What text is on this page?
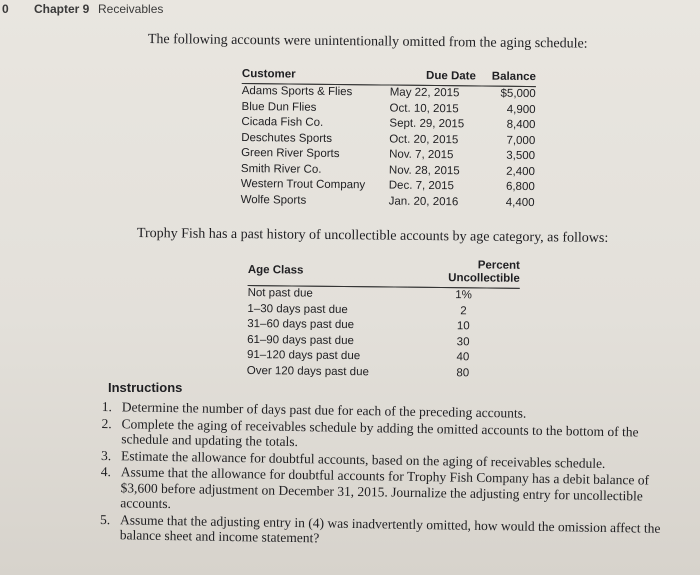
0 Chapter 9 Receivables
The following accounts were unintentionally omitted from the aging schedule:
Customer	Due Date	Balance
Adams Sports & Flies	May 22, 2015	$5,000
Blue Dun Flies	Oct. 10, 2015	4,900
Cicada Fish Co.	Sept. 29, 2015	8,400
Deschutes Sports	Oct. 20, 2015	7,000
Green River Sports	Nov. 7, 2015	3,500
Smith River Co.	Nov. 28, 2015	2,400
Western Trout Company	Dec. 7, 2015	6,800
Wolfe Sports	Jan. 20, 2016	4,400
Trophy Fish has a past history of uncollectible accounts by age category, as follows:
Age Class	Percent Uncollectible
Not past due	1%
1–30 days past due	2
31–60 days past due	10
61–90 days past due	30
91–120 days past due	40
Over 120 days past due	80
Instructions
1. Determine the number of days past due for each of the preceding accounts.
2. Complete the aging of receivables schedule by adding the omitted accounts to the bottom of the schedule and updating the totals.
3. Estimate the allowance for doubtful accounts, based on the aging of receivables schedule.
4. Assume that the allowance for doubtful accounts for Trophy Fish Company has a debit balance of $3,600 before adjustment on December 31, 2015. Journalize the adjusting entry for uncollectible accounts.
5. Assume that the adjusting entry in (4) was inadvertently omitted, how would the omission affect the balance sheet and income statement?
